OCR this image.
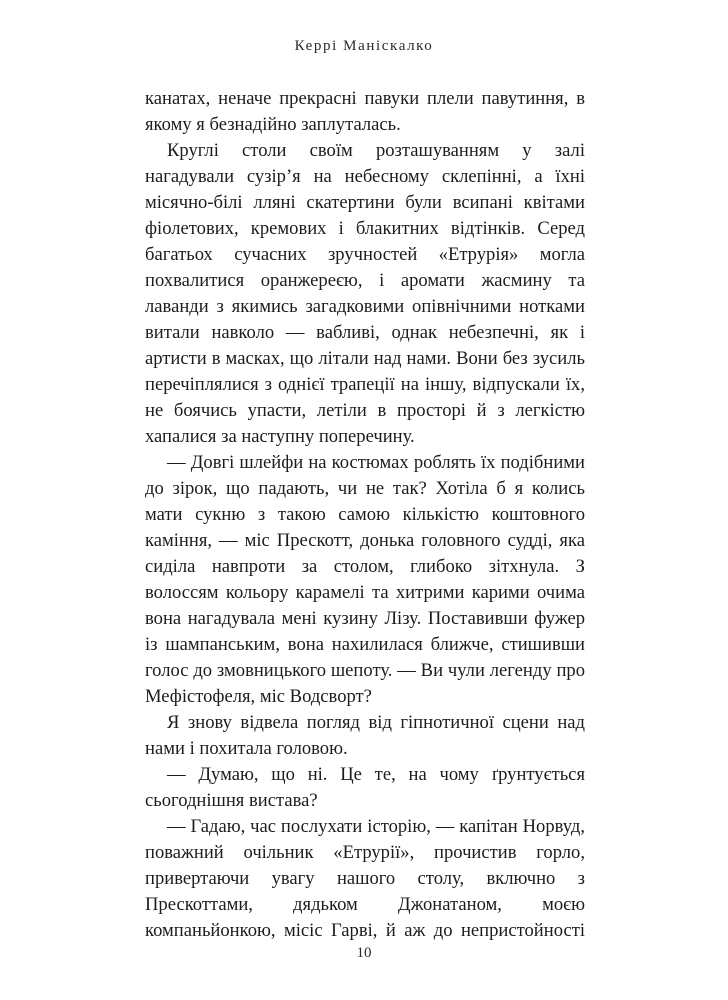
Керрі Маніскалко

канатах, неначе прекрасні павуки плели павутиння, в якому я безнадійно заплуталась.

Круглі столи своїм розташуванням у залі нагадували сузір’я на небесному склепінні, а їхні місячно-білі лляні скатертини були всипані квітами фіолетових, кремових і блакитних відтінків. Серед багатьох сучасних зручностей «Етрурія» могла похвалитися оранжереєю, і аромати жасмину та лаванди з якимись загадковими опівнічними нотками витали навколо — вабливі, однак небезпечні, як і артисти в масках, що літали над нами. Вони без зусиль перечіплялися з однієї трапеції на іншу, відпускали їх, не боячись упасти, летіли в просторі й з легкістю хапалися за наступну поперечину.

— Довгі шлейфи на костюмах роблять їх подібними до зірок, що падають, чи не так? Хотіла б я колись мати сукню з такою самою кількістю коштовного каміння, — міс Прескотт, донька головного судді, яка сиділа навпроти за столом, глибоко зітхнула. З волоссям кольору карамелі та хитрими карими очима вона нагадувала мені кузину Лізу. Поставивши фужер із шампанським, вона нахилилася ближче, стишивши голос до змовницького шепоту. — Ви чули легенду про Мефістофеля, міс Водсворт?

Я знову відвела погляд від гіпнотичної сцени над нами і похитала головою.

— Думаю, що ні. Це те, на чому ґрунтується сьогоднішня вистава?

— Гадаю, час послухати історію, — капітан Норвуд, поважний очільник «Етрурії», прочистив горло, привертаючи увагу нашого столу, включно з Прескоттами, дядьком Джонатаном, моєю компаньйонкою, місіс Гарві, й аж до непристойності

10
